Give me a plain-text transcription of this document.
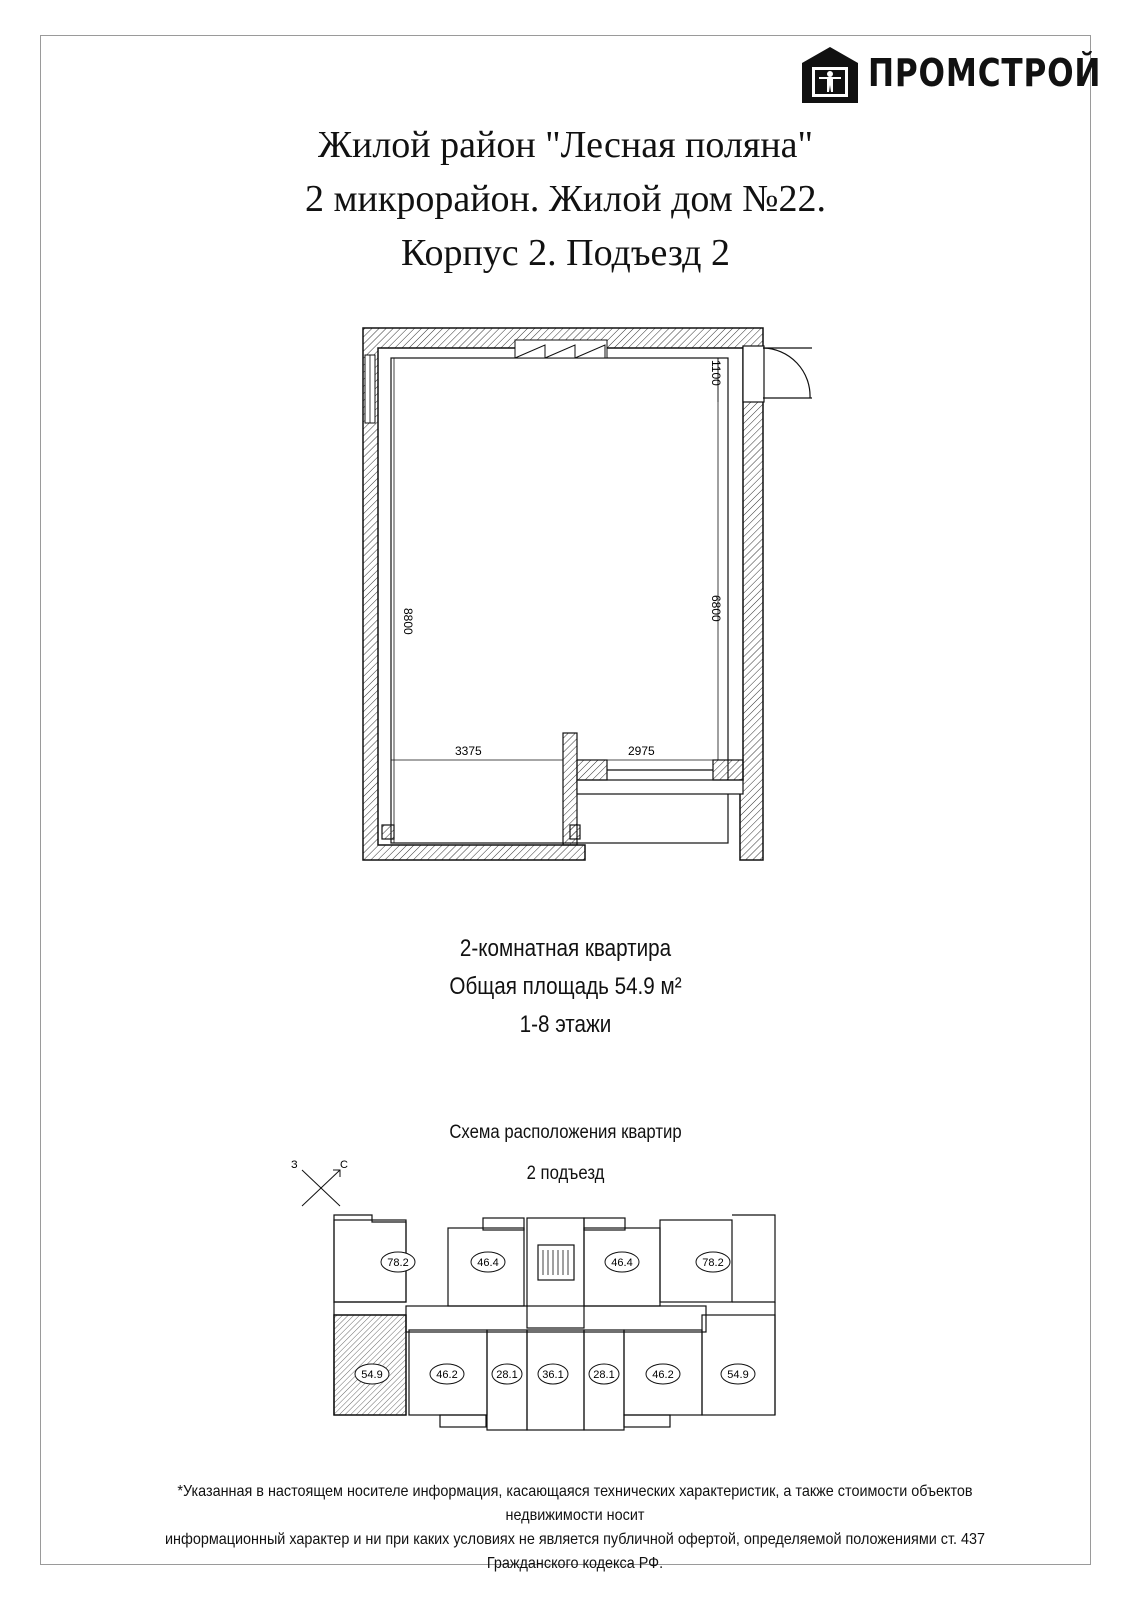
ПРОМСТРОЙ
Жилой район "Лесная поляна"
2 микрорайон. Жилой дом №22.
Корпус 2. Подъезд 2
8800	6800
1100
3375	2975
2-комнатная квартира
Общая площадь 54.9 м²
1-8 этажи
Схема расположения квартир
2 подъезд
З	С
78.2	46.4	46.4	78.2
54.9	46.2	28.1 36.1	28.1	46.2	54.9
*Указанная в настоящем носителе информация, касающаяся технических характеристик, а также стоимости объектов недвижимости носит
информационный характер и ни при каких условиях не является публичной офертой, определяемой положениями ст. 437 Гражданского кодекса РФ.
